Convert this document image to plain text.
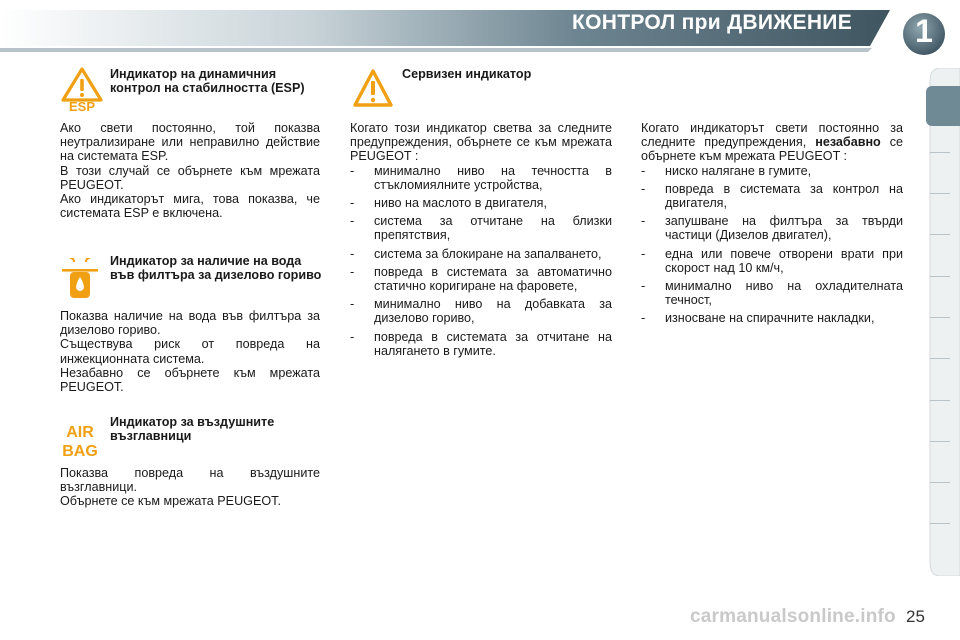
КОНТРОЛ при ДВИЖЕНИЕ	1
ESP
Индикатор на динамичния контрол на стабилността (ESP)

Ако свети постоянно, той показва неутрализиране или неправилно действие на системата ESP.

В този случай се обърнете към мрежата PEUGEOT.

Ако индикаторът мига, това показва, че системата ESP е включена.

Индикатор за наличие на вода във филтъра за дизелово гориво

Показва наличие на вода във филтъра за дизелово гориво.

Съществува риск от повреда на инжекционната система.

Незабавно се обърнете към мрежата PEUGEOT.

AIR
BAG
Индикатор за въздушните възглавници

Показва повреда на въздушните възглавници.

Обърнете се към мрежата PEUGEOT.

Сервизен индикатор

Когато този индикатор светва за следните предупреждения, обърнете се към мрежата PEUGEOT :

- минимално ниво на течността в стъкломиялните устройства,
- ниво на маслото в двигателя,
- система за отчитане на близки препятствия,
- система за блокиране на запалването,
- повреда в системата за автоматично статично коригиране на фаровете,
- минимално ниво на добавката за дизелово гориво,
- повреда в системата за отчитане на налягането в гумите.

Когато индикаторът свети постоянно за следните предупреждения, незабавно се обърнете към мрежата PEUGEOT :

- ниско налягане в гумите,
- повреда в системата за контрол на двигателя,
- запушване на филтъра за твърди частици (Дизелов двигател),
- една или повече отворени врати при скорост над 10 км/ч,
- минимално ниво на охладителната течност,
- износване на спирачните накладки,
carmanualsonline.info 25
